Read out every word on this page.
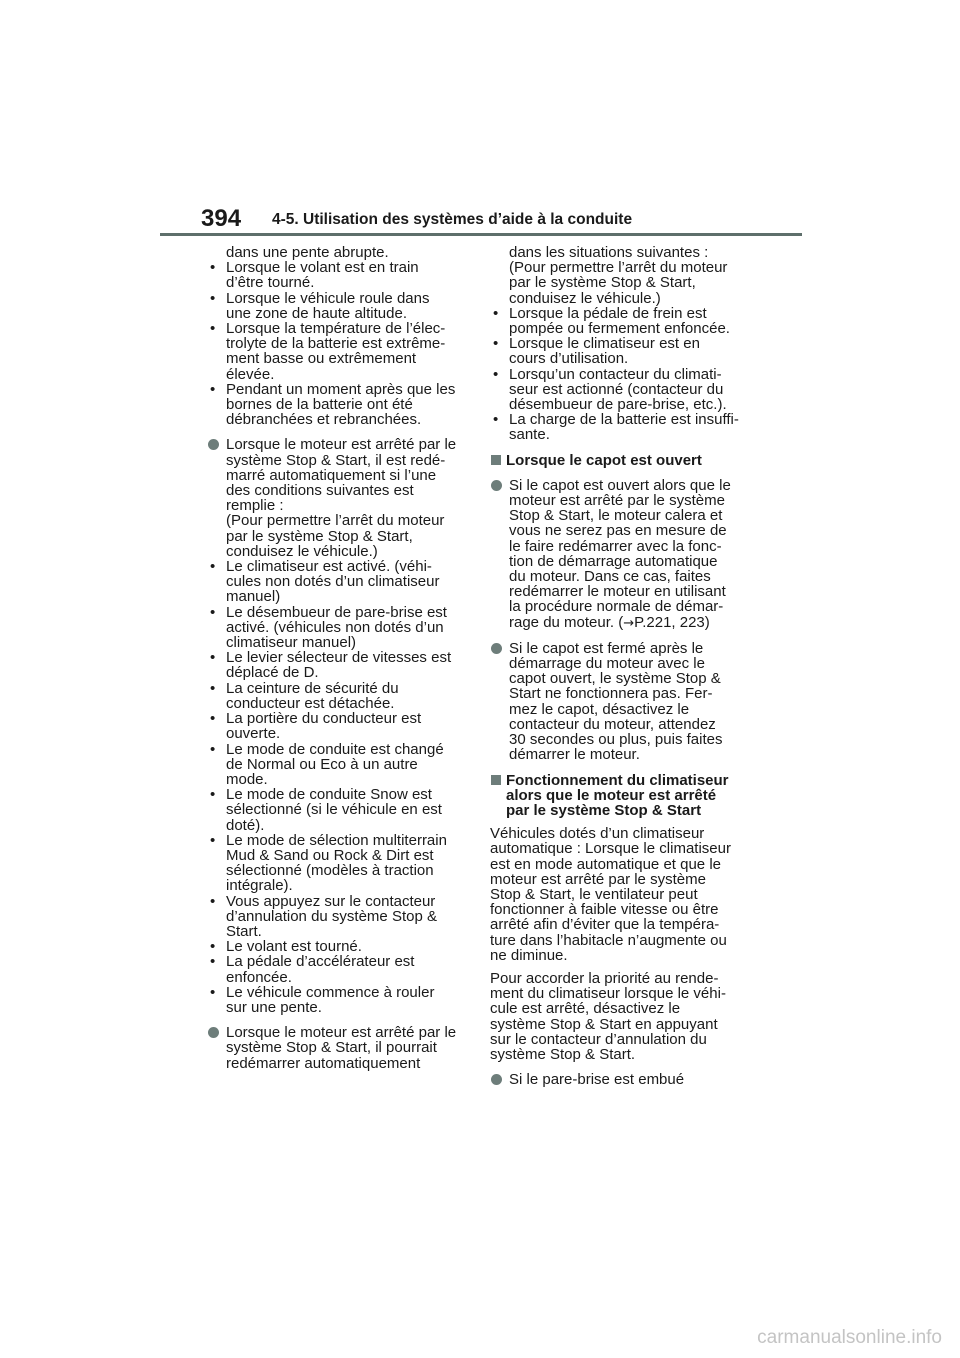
394 4-5. Utilisation des systèmes d’aide à la conduite

dans une pente abrupte.

• Lorsque le volant est en train
d’être tourné.

• Lorsque le véhicule roule dans
une zone de haute altitude.

• Lorsque la température de l’élec-
trolyte de la batterie est extrême-
ment basse ou extrêmement
élevée.

• Pendant un moment après que les
bornes de la batterie ont été
débranchées et rebranchées.

Lorsque le moteur est arrêté par le
système Stop & Start, il est redé-
marré automatiquement si l’une
des conditions suivantes est
remplie :
(Pour permettre l’arrêt du moteur
par le système Stop & Start,
conduisez le véhicule.)

• Le climatiseur est activé. (véhi-
cules non dotés d’un climatiseur
manuel)

• Le désembueur de pare-brise est
activé. (véhicules non dotés d’un
climatiseur manuel)

• Le levier sélecteur de vitesses est
déplacé de D.

• La ceinture de sécurité du
conducteur est détachée.

• La portière du conducteur est
ouverte.

• Le mode de conduite est changé
de Normal ou Eco à un autre
mode.

• Le mode de conduite Snow est
sélectionné (si le véhicule en est
doté).

• Le mode de sélection multiterrain
Mud & Sand ou Rock & Dirt est
sélectionné (modèles à traction
intégrale).

• Vous appuyez sur le contacteur
d’annulation du système Stop &
Start.

• Le volant est tourné.

• La pédale d’accélérateur est
enfoncée.

• Le véhicule commence à rouler
sur une pente.

Lorsque le moteur est arrêté par le
système Stop & Start, il pourrait
redémarrer automatiquement

dans les situations suivantes :
(Pour permettre l’arrêt du moteur
par le système Stop & Start,
conduisez le véhicule.)

• Lorsque la pédale de frein est
pompée ou fermement enfoncée.

• Lorsque le climatiseur est en
cours d’utilisation.

• Lorsqu’un contacteur du climati-
seur est actionné (contacteur du
désembueur de pare-brise, etc.).

• La charge de la batterie est insuffi-
sante.

Lorsque le capot est ouvert

Si le capot est ouvert alors que le
moteur est arrêté par le système
Stop & Start, le moteur calera et
vous ne serez pas en mesure de
le faire redémarrer avec la fonc-
tion de démarrage automatique
du moteur. Dans ce cas, faites
redémarrer le moteur en utilisant
la procédure normale de démar-
rage du moteur. (→P.221, 223)

Si le capot est fermé après le
démarrage du moteur avec le
capot ouvert, le système Stop &
Start ne fonctionnera pas. Fer-
mez le capot, désactivez le
contacteur du moteur, attendez
30 secondes ou plus, puis faites
démarrer le moteur.

Fonctionnement du climatiseur
alors que le moteur est arrêté
par le système Stop & Start

Véhicules dotés d’un climatiseur
automatique : Lorsque le climatiseur
est en mode automatique et que le
moteur est arrêté par le système
Stop & Start, le ventilateur peut
fonctionner à faible vitesse ou être
arrêté afin d’éviter que la tempéra-
ture dans l’habitacle n’augmente ou
ne diminue.

Pour accorder la priorité au rende-
ment du climatiseur lorsque le véhi-
cule est arrêté, désactivez le
système Stop & Start en appuyant
sur le contacteur d’annulation du
système Stop & Start.

Si le pare-brise est embué

carmanualsonline.info
